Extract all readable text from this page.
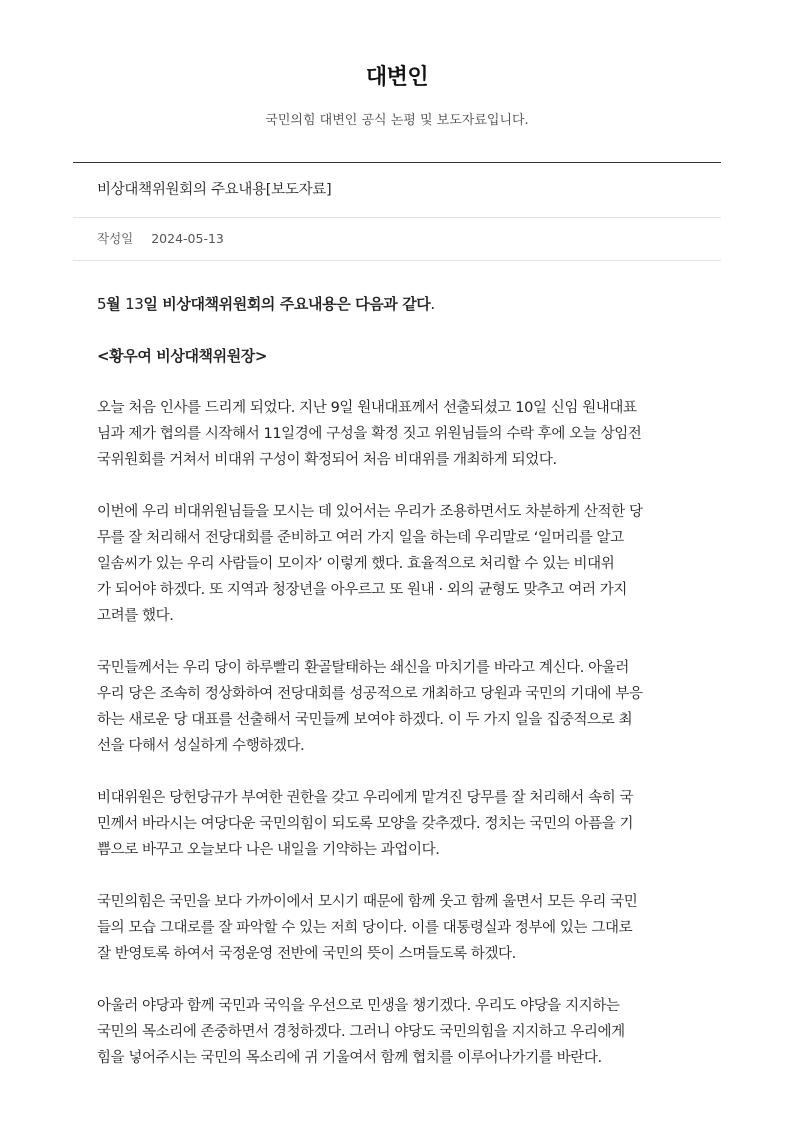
대변인
국민의힘 대변인 공식 논평 및 보도자료입니다.
비상대책위원회의 주요내용[보도자료]
작성일 2024-05-13

5월 13일 비상대책위원회의 주요내용은 다음과 같다.

<황우여 비상대책위원장>

오늘 처음 인사를 드리게 되었다. 지난 9일 원내대표께서 선출되셨고 10일 신임 원내대표
님과 제가 협의를 시작해서 11일경에 구성을 확정 짓고 위원님들의 수락 후에 오늘 상임전
국위원회를 거쳐서 비대위 구성이 확정되어 처음 비대위를 개최하게 되었다.

이번에 우리 비대위원님들을 모시는 데 있어서는 우리가 조용하면서도 차분하게 산적한 당
무를 잘 처리해서 전당대회를 준비하고 여러 가지 일을 하는데 우리말로 ‘일머리를 알고
일솜씨가 있는 우리 사람들이 모이자’ 이렇게 했다. 효율적으로 처리할 수 있는 비대위
가 되어야 하겠다. 또 지역과 청장년을 아우르고 또 원내 · 외의 균형도 맞추고 여러 가지
고려를 했다.

국민들께서는 우리 당이 하루빨리 환골탈태하는 쇄신을 마치기를 바라고 계신다. 아울러
우리 당은 조속히 정상화하여 전당대회를 성공적으로 개최하고 당원과 국민의 기대에 부응
하는 새로운 당 대표를 선출해서 국민들께 보여야 하겠다. 이 두 가지 일을 집중적으로 최
선을 다해서 성실하게 수행하겠다.

비대위원은 당헌당규가 부여한 권한을 갖고 우리에게 맡겨진 당무를 잘 처리해서 속히 국
민께서 바라시는 여당다운 국민의힘이 되도록 모양을 갖추겠다. 정치는 국민의 아픔을 기
쁨으로 바꾸고 오늘보다 나은 내일을 기약하는 과업이다.

국민의힘은 국민을 보다 가까이에서 모시기 때문에 함께 웃고 함께 울면서 모든 우리 국민
들의 모습 그대로를 잘 파악할 수 있는 저희 당이다. 이를 대통령실과 정부에 있는 그대로
잘 반영토록 하여서 국정운영 전반에 국민의 뜻이 스며들도록 하겠다.

아울러 야당과 함께 국민과 국익을 우선으로 민생을 챙기겠다. 우리도 야당을 지지하는
국민의 목소리에 존중하면서 경청하겠다. 그러니 야당도 국민의힘을 지지하고 우리에게
힘을 넣어주시는 국민의 목소리에 귀 기울여서 함께 협치를 이루어나가기를 바란다.
